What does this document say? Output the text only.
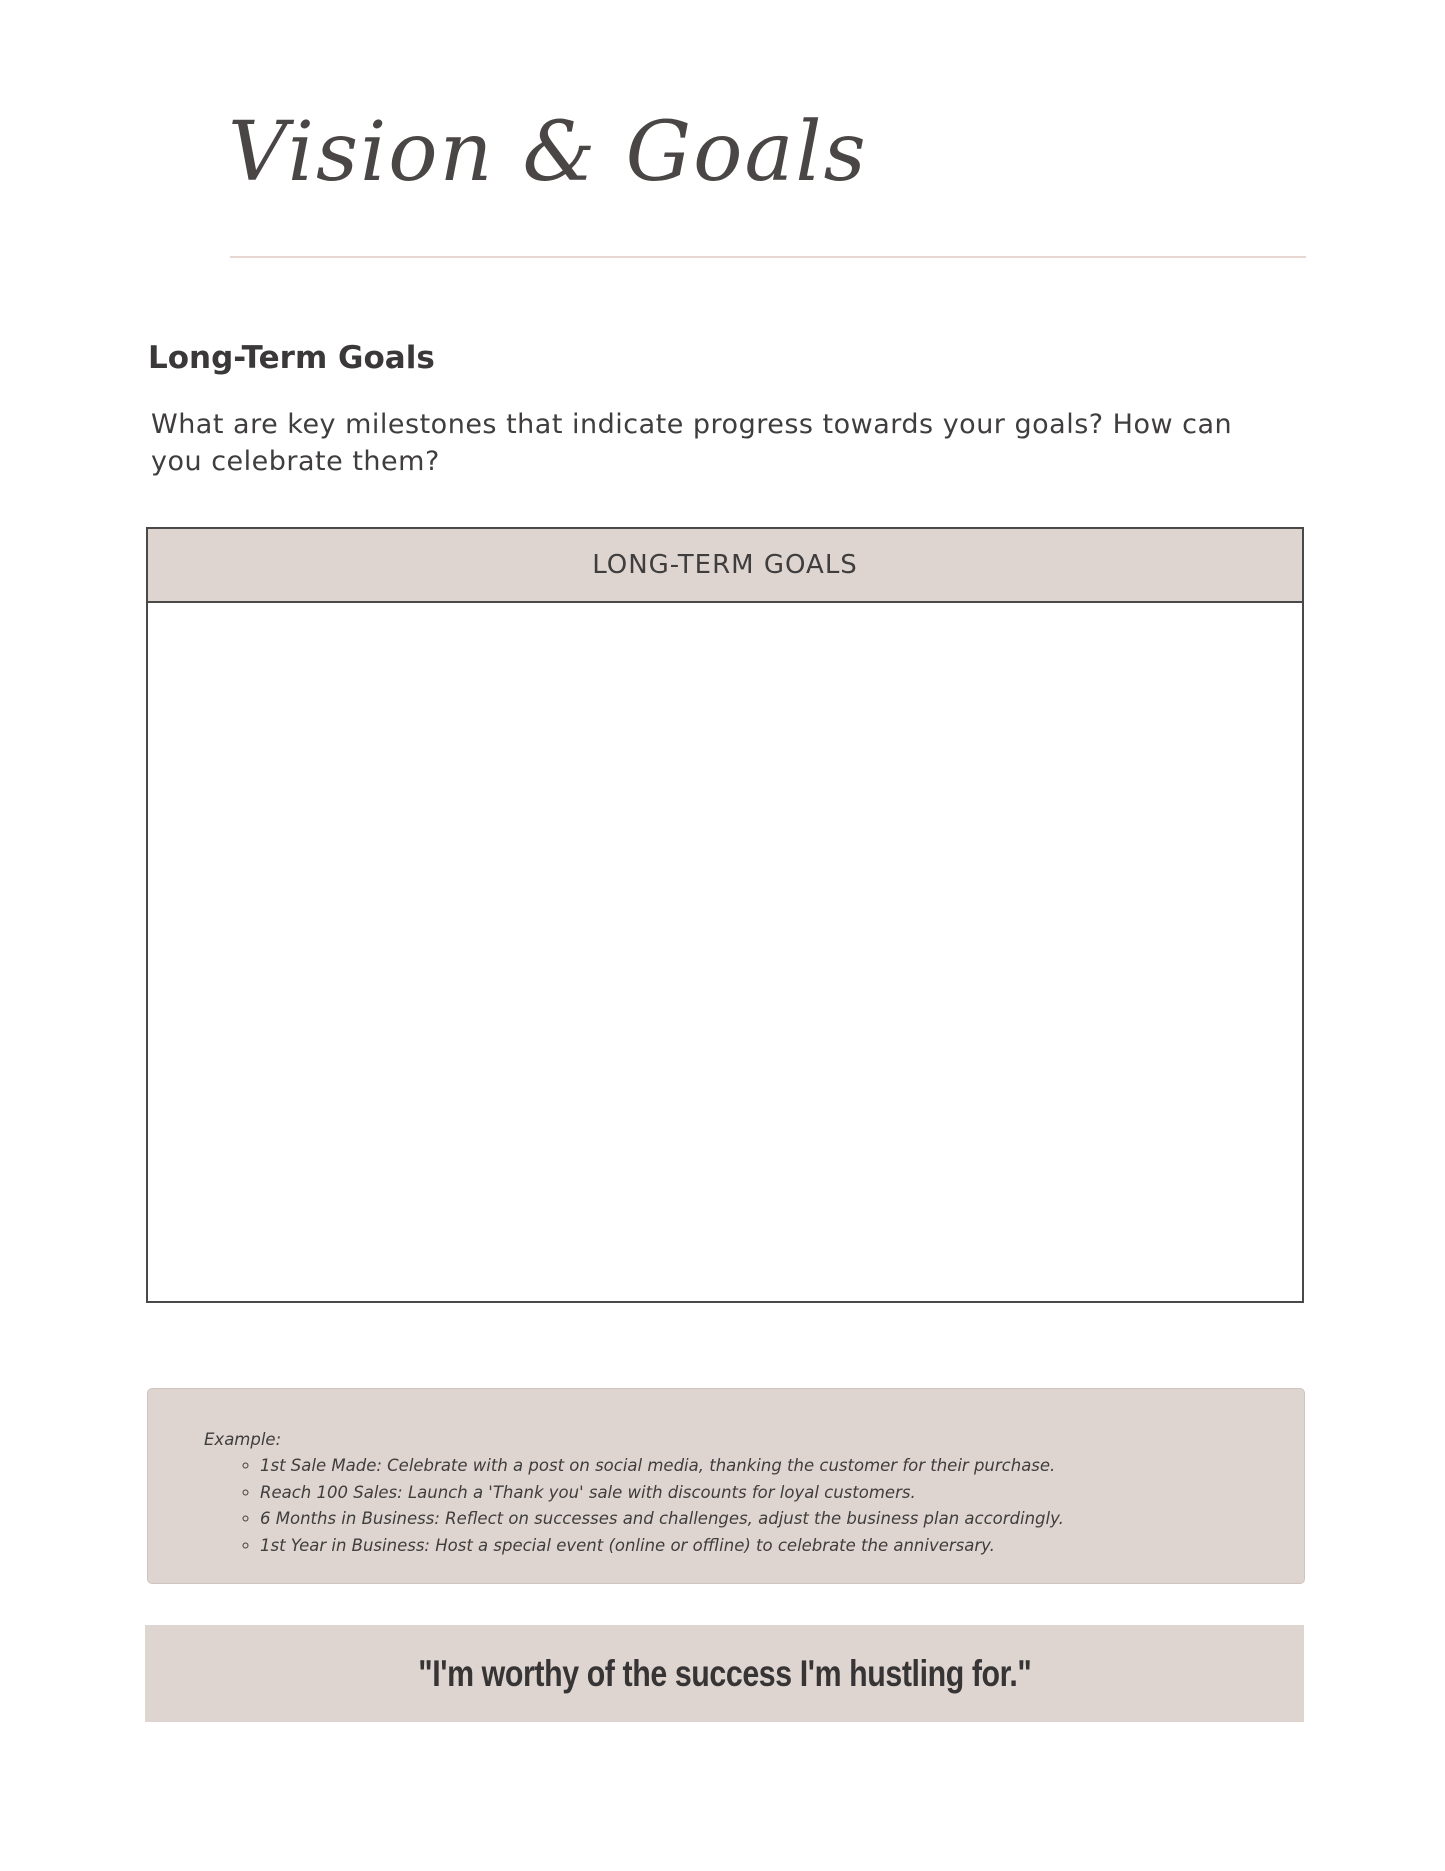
Vision & Goals
Long-Term Goals

What are key milestones that indicate progress towards your goals? How can you celebrate them?

LONG-TERM GOALS

Example:

◦ 1st Sale Made: Celebrate with a post on social media, thanking the customer for their purchase.
◦ Reach 100 Sales: Launch a 'Thank you' sale with discounts for loyal customers.
◦ 6 Months in Business: Reflect on successes and challenges, adjust the business plan accordingly.
◦ 1st Year in Business: Host a special event (online or offline) to celebrate the anniversary.

"I'm worthy of the success I'm hustling for."
